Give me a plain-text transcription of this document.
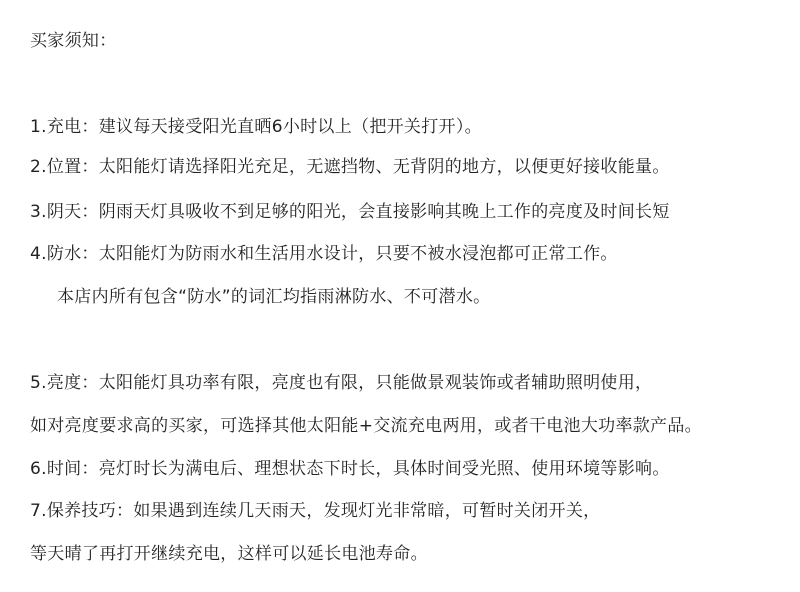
买家须知：
1.充电：建议每天接受阳光直晒6小时以上（把开关打开）。
2.位置：太阳能灯请选择阳光充足，无遮挡物、无背阴的地方，以便更好接收能量。
3.阴天：阴雨天灯具吸收不到足够的阳光，会直接影响其晚上工作的亮度及时间长短
4.防水：太阳能灯为防雨水和生活用水设计，只要不被水浸泡都可正常工作。
本店内所有包含“防水”的词汇均指雨淋防水、不可潜水。
5.亮度：太阳能灯具功率有限，亮度也有限，只能做景观装饰或者辅助照明使用，
如对亮度要求高的买家，可选择其他太阳能+交流充电两用，或者干电池大功率款产品。
6.时间：亮灯时长为满电后、理想状态下时长，具体时间受光照、使用环境等影响。
7.保养技巧：如果遇到连续几天雨天，发现灯光非常暗，可暂时关闭开关，
等天晴了再打开继续充电，这样可以延长电池寿命。
